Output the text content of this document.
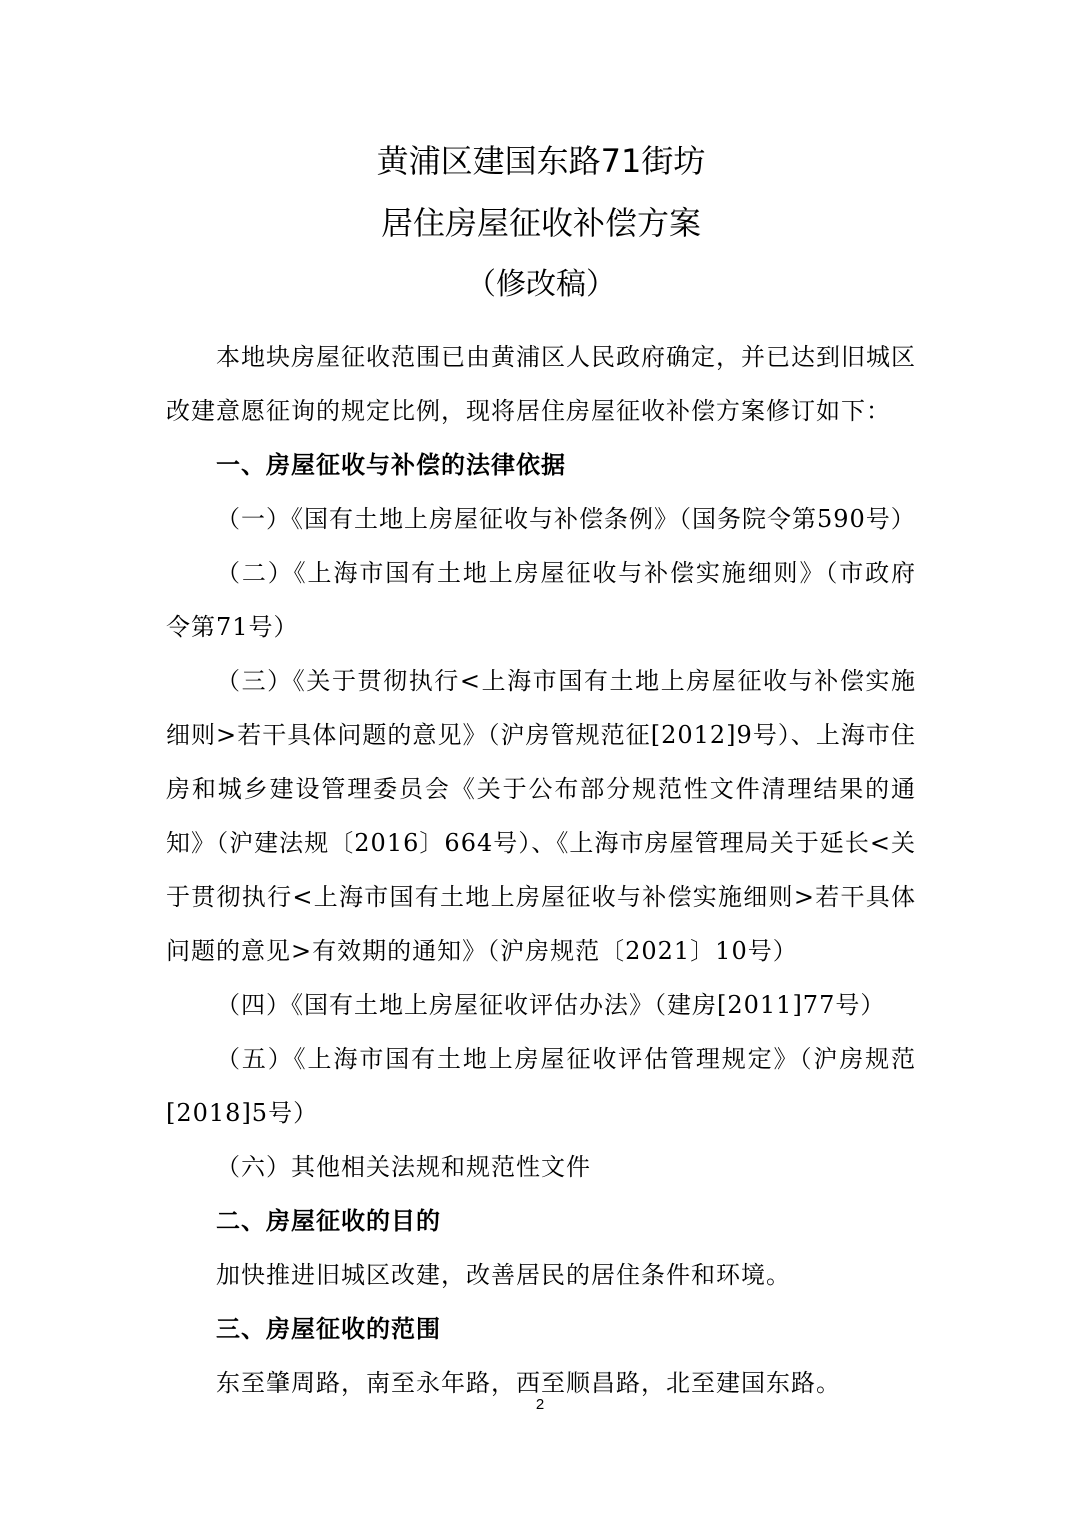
黄浦区建国东路71街坊
居住房屋征收补偿方案
（修改稿）

本地块房屋征收范围已由黄浦区人民政府确定，并已达到旧城区改建意愿征询的规定比例，现将居住房屋征收补偿方案修订如下：

一、房屋征收与补偿的法律依据

（一）《国有土地上房屋征收与补偿条例》（国务院令第590号）

（二）《上海市国有土地上房屋征收与补偿实施细则》（市政府令第71号）

（三）《关于贯彻执行<上海市国有土地上房屋征收与补偿实施细则>若干具体问题的意见》（沪房管规范征[2012]9号）、上海市住房和城乡建设管理委员会《关于公布部分规范性文件清理结果的通知》（沪建法规〔2016〕664号）、《上海市房屋管理局关于延长<关于贯彻执行<上海市国有土地上房屋征收与补偿实施细则>若干具体问题的意见>有效期的通知》（沪房规范〔2021〕10号）

（四）《国有土地上房屋征收评估办法》（建房[2011]77号）

（五）《上海市国有土地上房屋征收评估管理规定》（沪房规范[2018]5号）

（六）其他相关法规和规范性文件

二、房屋征收的目的

加快推进旧城区改建，改善居民的居住条件和环境。

三、房屋征收的范围

东至肇周路，南至永年路，西至顺昌路，北至建国东路。

2
